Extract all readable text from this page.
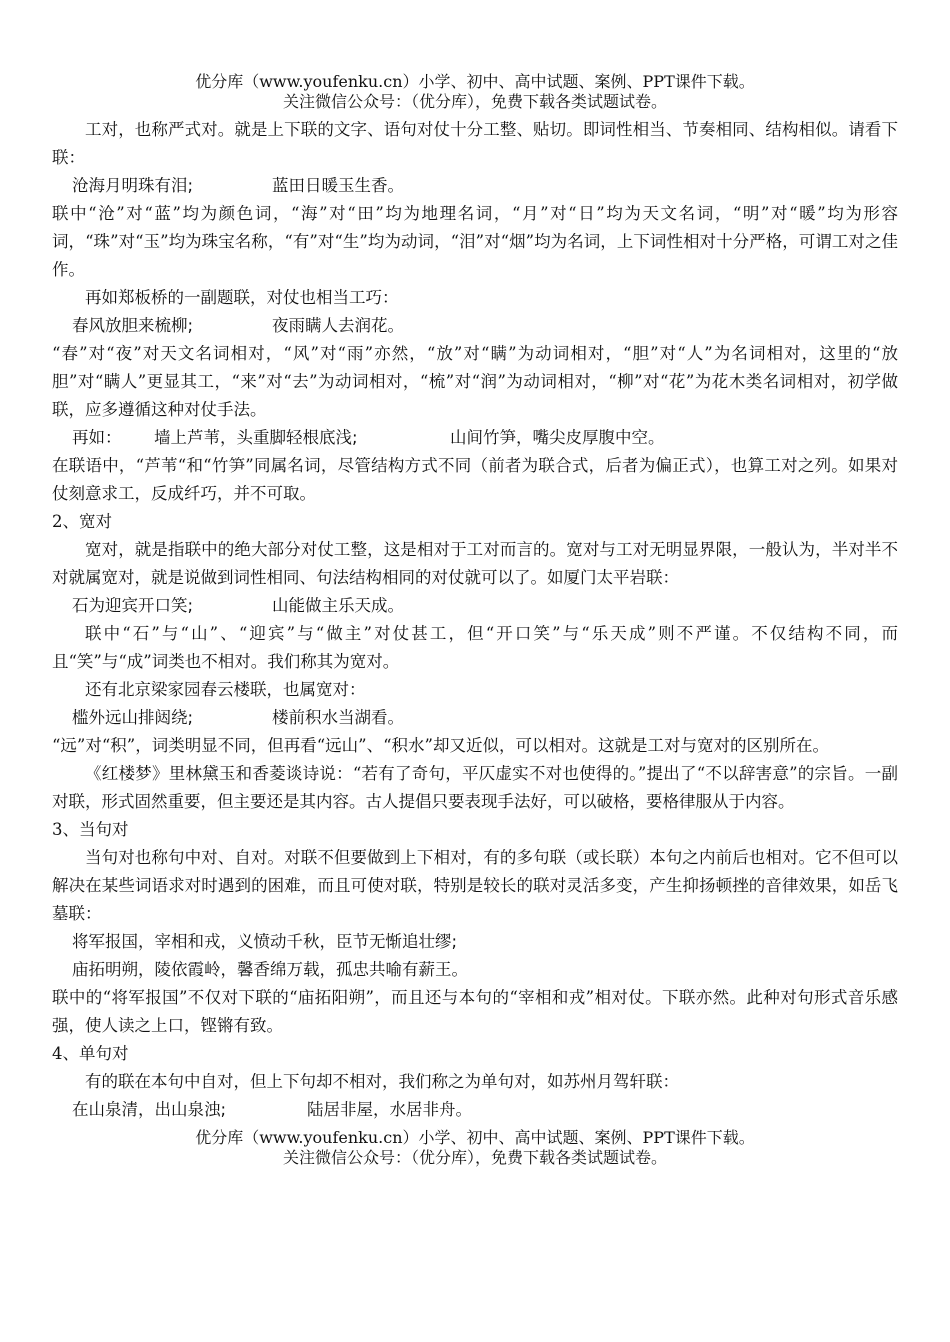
优分库（www.youfenku.cn）小学、初中、高中试题、案例、PPT课件下载。
关注微信公众号：（优分库），免费下载各类试题试卷。
工对，也称严式对。就是上下联的文字、语句对仗十分工整、贴切。即词性相当、节奏相同、结构相似。请看下联：
沧海月明珠有泪;	蓝田日暖玉生香。
联中“沧”对“蓝”均为颜色词，“海”对“田”均为地理名词，“月”对“日”均为天文名词，“明”对“暖”均为形容词，“珠”对“玉”均为珠宝名称，“有”对“生”均为动词，“泪”对“烟”均为名词，上下词性相对十分严格，可谓工对之佳作。
再如郑板桥的一副题联，对仗也相当工巧：
春风放胆来梳柳;	夜雨瞒人去润花。
“春”对“夜”对天文名词相对，“风”对“雨”亦然，“放”对“瞒”为动词相对，“胆”对“人”为名词相对，这里的“放胆”对“瞒人”更显其工，“来”对“去”为动词相对，“梳”对“润”为动词相对，“柳”对“花”为花木类名词相对，初学做联，应多遵循这种对仗手法。
再如： 墙上芦苇，头重脚轻根底浅;	山间竹笋，嘴尖皮厚腹中空。
在联语中，“芦苇“和“竹笋”同属名词，尽管结构方式不同（前者为联合式，后者为偏正式），也算工对之列。如果对仗刻意求工，反成纤巧，并不可取。
2、宽对
宽对，就是指联中的绝大部分对仗工整，这是相对于工对而言的。宽对与工对无明显界限，一般认为，半对半不对就属宽对，就是说做到词性相同、句法结构相同的对仗就可以了。如厦门太平岩联：
石为迎宾开口笑;	山能做主乐天成。
联中“石”与“山”、“迎宾”与“做主”对仗甚工，但“开口笑”与“乐天成”则不严谨。不仅结构不同，而且“笑”与“成”词类也不相对。我们称其为宽对。
还有北京梁家园春云楼联，也属宽对：
槛外远山排闼绕;	楼前积水当湖看。
“远”对“积”，词类明显不同，但再看“远山”、“积水”却又近似，可以相对。这就是工对与宽对的区别所在。
《红楼梦》里林黛玉和香菱谈诗说：“若有了奇句，平仄虚实不对也使得的。”提出了“不以辞害意”的宗旨。一副对联，形式固然重要，但主要还是其内容。古人提倡只要表现手法好，可以破格，要格律服从于内容。
3、当句对
当句对也称句中对、自对。对联不但要做到上下相对，有的多句联（或长联）本句之内前后也相对。它不但可以解决在某些词语求对时遇到的困难，而且可使对联，特别是较长的联对灵活多变，产生抑扬顿挫的音律效果，如岳飞墓联：
将军报国，宰相和戎，义愤动千秋，臣节无惭追壮缪;
庙拓明朔，陵依霞岭，馨香绵万载，孤忠共喻有薪王。
联中的“将军报国”不仅对下联的“庙拓阳朔”，而且还与本句的“宰相和戎”相对仗。下联亦然。此种对句形式音乐感强，使人读之上口，铿锵有致。
4、单句对
有的联在本句中自对，但上下句却不相对，我们称之为单句对，如苏州月驾轩联：
在山泉清，出山泉浊;	陆居非屋，水居非舟。
优分库（www.youfenku.cn）小学、初中、高中试题、案例、PPT课件下载。
关注微信公众号：（优分库），免费下载各类试题试卷。
